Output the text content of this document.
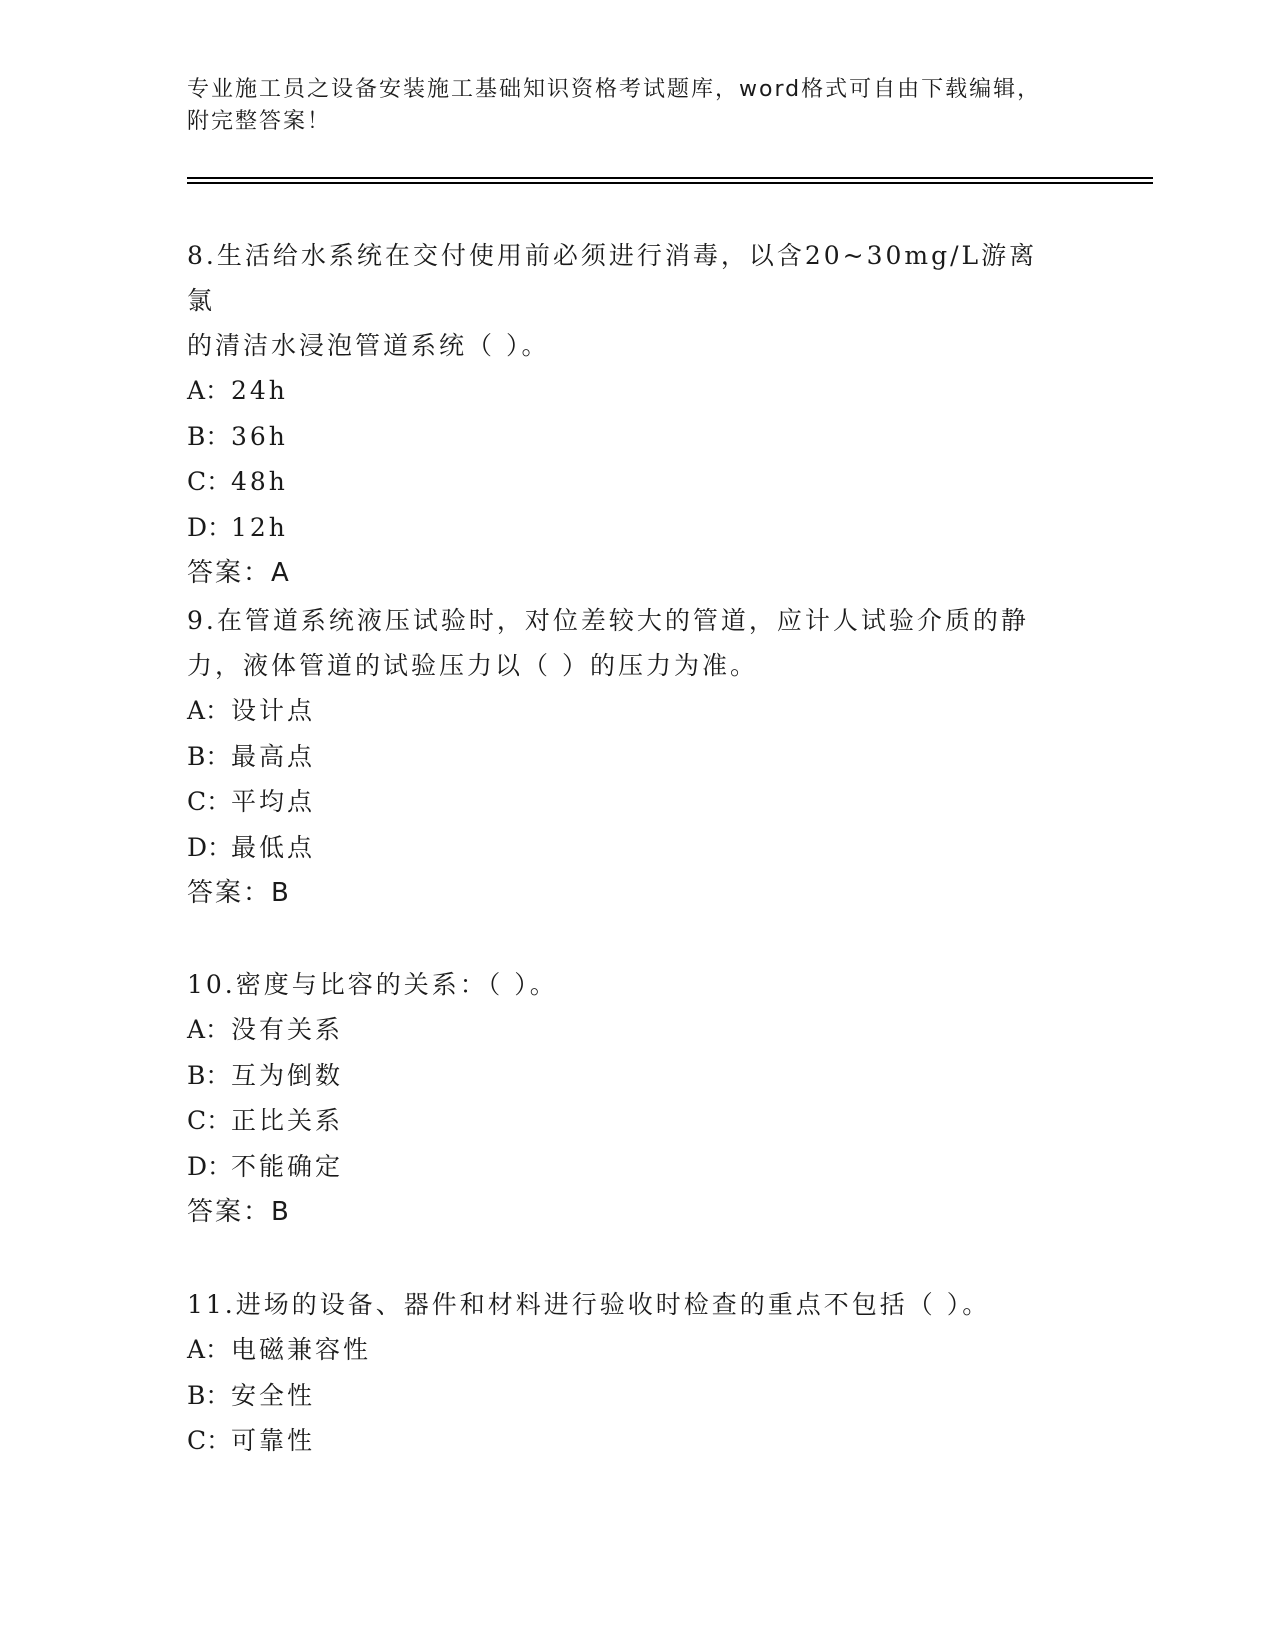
专业施工员之设备安装施工基础知识资格考试题库，word格式可自由下载编辑，
附完整答案！

8.生活给水系统在交付使用前必须进行消毒，以含20~30mg/L游离氯
的清洁水浸泡管道系统（ ）。

A：24h
B：36h
C：48h
D：12h
答案：A

9.在管道系统液压试验时，对位差较大的管道，应计人试验介质的静
力，液体管道的试验压力以（ ）的压力为准。

A：设计点
B：最高点
C：平均点
D：最低点
答案：B

10.密度与比容的关系：（ ）。

A：没有关系
B：互为倒数
C：正比关系
D：不能确定
答案：B

11.进场的设备、器件和材料进行验收时检查的重点不包括（ ）。

A：电磁兼容性
B：安全性
C：可靠性
